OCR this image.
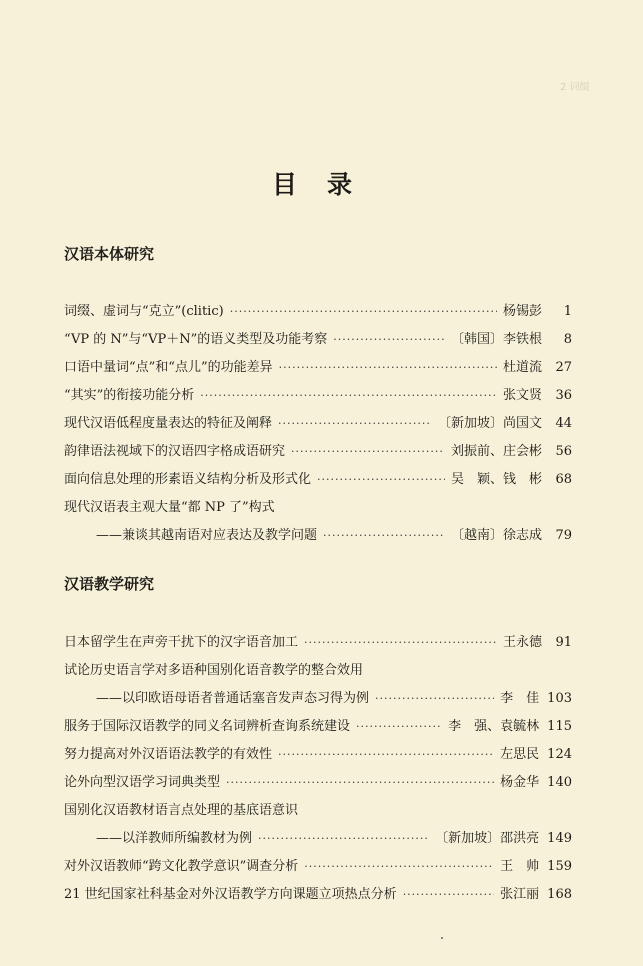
2 词缀
目录
汉语本体研究
词缀、虚词与“克立”(clitic) ·····	杨锡彭	1
“VP 的 N”与“VP＋N”的语义类型及功能考察 ·····	〔韩国〕李铁根	8
口语中量词“点”和“点儿”的功能差异 ·····	杜道流	27
“其实”的衔接功能分析 ·····	张文贤	36
现代汉语低程度量表达的特征及阐释 ·····	〔新加坡〕尚国文	44
韵律语法视域下的汉语四字格成语研究 ·····	刘振前、庄会彬	56
面向信息处理的形素语义结构分析及形式化 ·····	吴　颖、钱　彬	68
现代汉语表主观大量“都 NP 了”构式
——兼谈其越南语对应表达及教学问题 ·····	〔越南〕徐志成	79
汉语教学研究
日本留学生在声旁干扰下的汉字语音加工 ·····	王永德	91
试论历史语言学对多语种国别化语音教学的整合效用
——以印欧语母语者普通话塞音发声态习得为例 ·····	李　佳 103
服务于国际汉语教学的同义名词辨析查询系统建设 ·····	李　强、袁毓林 115
努力提高对外汉语语法教学的有效性 ·····	左思民 124
论外向型汉语学习词典类型 ·····	杨金华 140
国别化汉语教材语言点处理的基底语意识
——以洋教师所编教材为例 ·····	〔新加坡〕邵洪亮 149
对外汉语教师“跨文化教学意识”调查分析 ·····	王　帅 159
21 世纪国家社科基金对外汉语教学方向课题立项热点分析 ·····	张江丽 168
